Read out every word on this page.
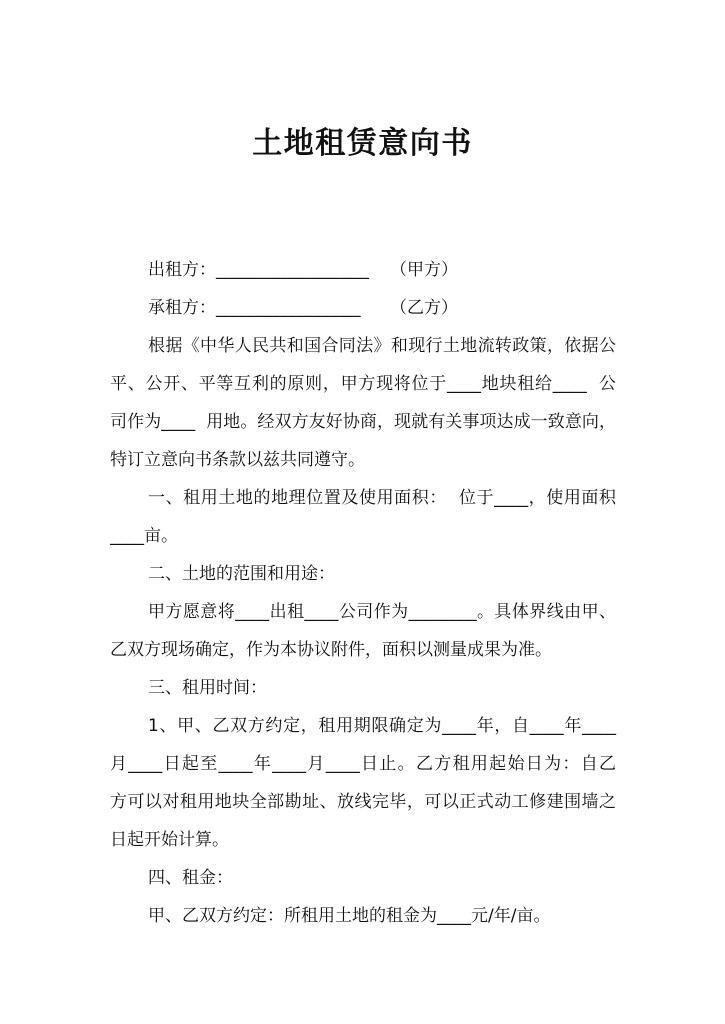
土地租赁意向书
出租方：__________________ （甲方）
承租方：_________________ （乙方）
根据《中华人民共和国合同法》和现行土地流转政策，依据公
平、公开、平等互利的原则，甲方现将位于____地块租给____  公
司作为____  用地。经双方友好协商，现就有关事项达成一致意向，
特订立意向书条款以兹共同遵守。
一、租用土地的地理位置及使用面积：  位于____，使用面积
____亩。
二、土地的范围和用途：
甲方愿意将____出租____公司作为________。具体界线由甲、
乙双方现场确定，作为本协议附件，面积以测量成果为准。
三、租用时间：
1、甲、乙双方约定，租用期限确定为____年，自____年____
月____日起至____年____月____日止。乙方租用起始日为：自乙
方可以对租用地块全部勘址、放线完毕，可以正式动工修建围墙之
日起开始计算。
四、租金：
甲、乙双方约定：所租用土地的租金为____元/年/亩。
